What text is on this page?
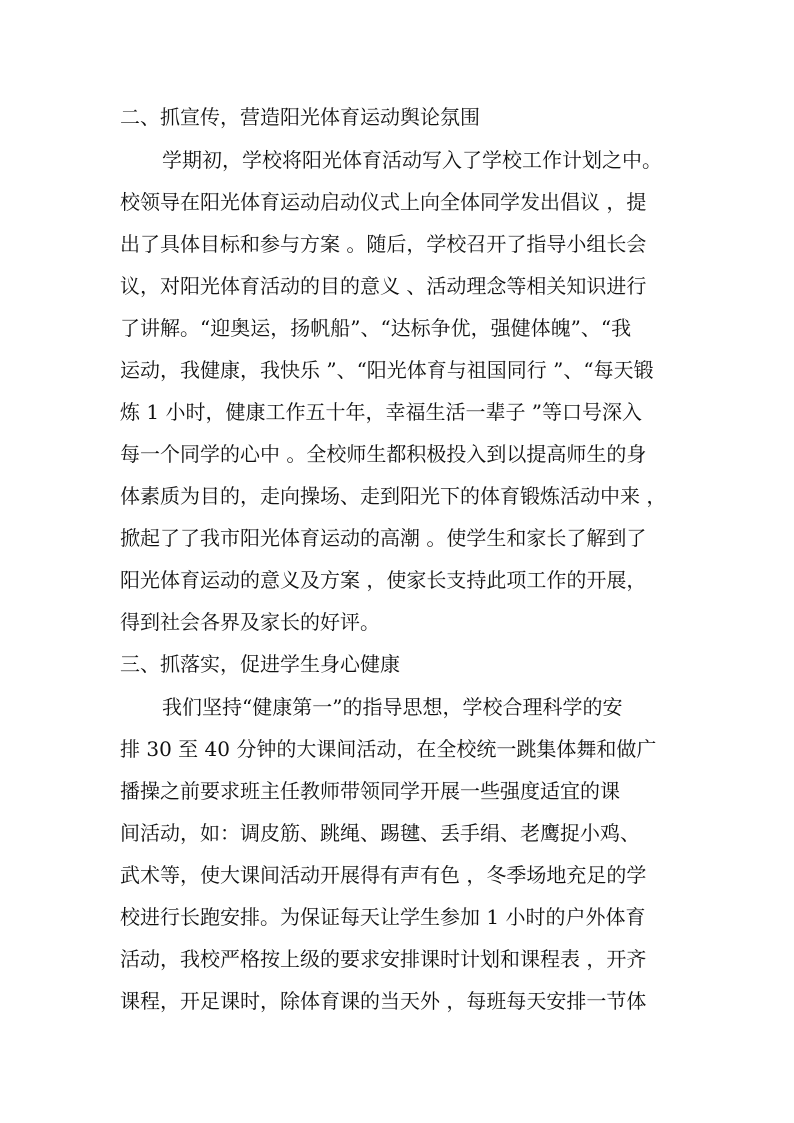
二、抓宣传，营造阳光体育运动舆论氛围
学期初，学校将阳光体育活动写入了学校工作计划之中。
校领导在阳光体育运动启动仪式上向全体同学发出倡议 ，提
出了具体目标和参与方案 。随后，学校召开了指导小组长会
议，对阳光体育活动的目的意义 、活动理念等相关知识进行
了讲解。“迎奥运，扬帆船”、“达标争优，强健体魄”、“我
运动，我健康，我快乐 ”、“阳光体育与祖国同行 ”、“每天锻
炼 1 小时，健康工作五十年，幸福生活一辈子 ”等口号深入
每一个同学的心中 。全校师生都积极投入到以提高师生的身
体素质为目的，走向操场、走到阳光下的体育锻炼活动中来 ，
掀起了了我市阳光体育运动的高潮 。使学生和家长了解到了
阳光体育运动的意义及方案 ，使家长支持此项工作的开展，
得到社会各界及家长的好评。
三、抓落实，促进学生身心健康
我们坚持“健康第一”的指导思想，学校合理科学的安
排 30 至 40 分钟的大课间活动，在全校统一跳集体舞和做广
播操之前要求班主任教师带领同学开展一些强度适宜的课
间活动，如：调皮筋、跳绳、踢毽、丢手绢、老鹰捉小鸡、
武术等，使大课间活动开展得有声有色 ，冬季场地充足的学
校进行长跑安排。为保证每天让学生参加 1 小时的户外体育
活动，我校严格按上级的要求安排课时计划和课程表 ，开齐
课程，开足课时，除体育课的当天外 ，每班每天安排一节体
